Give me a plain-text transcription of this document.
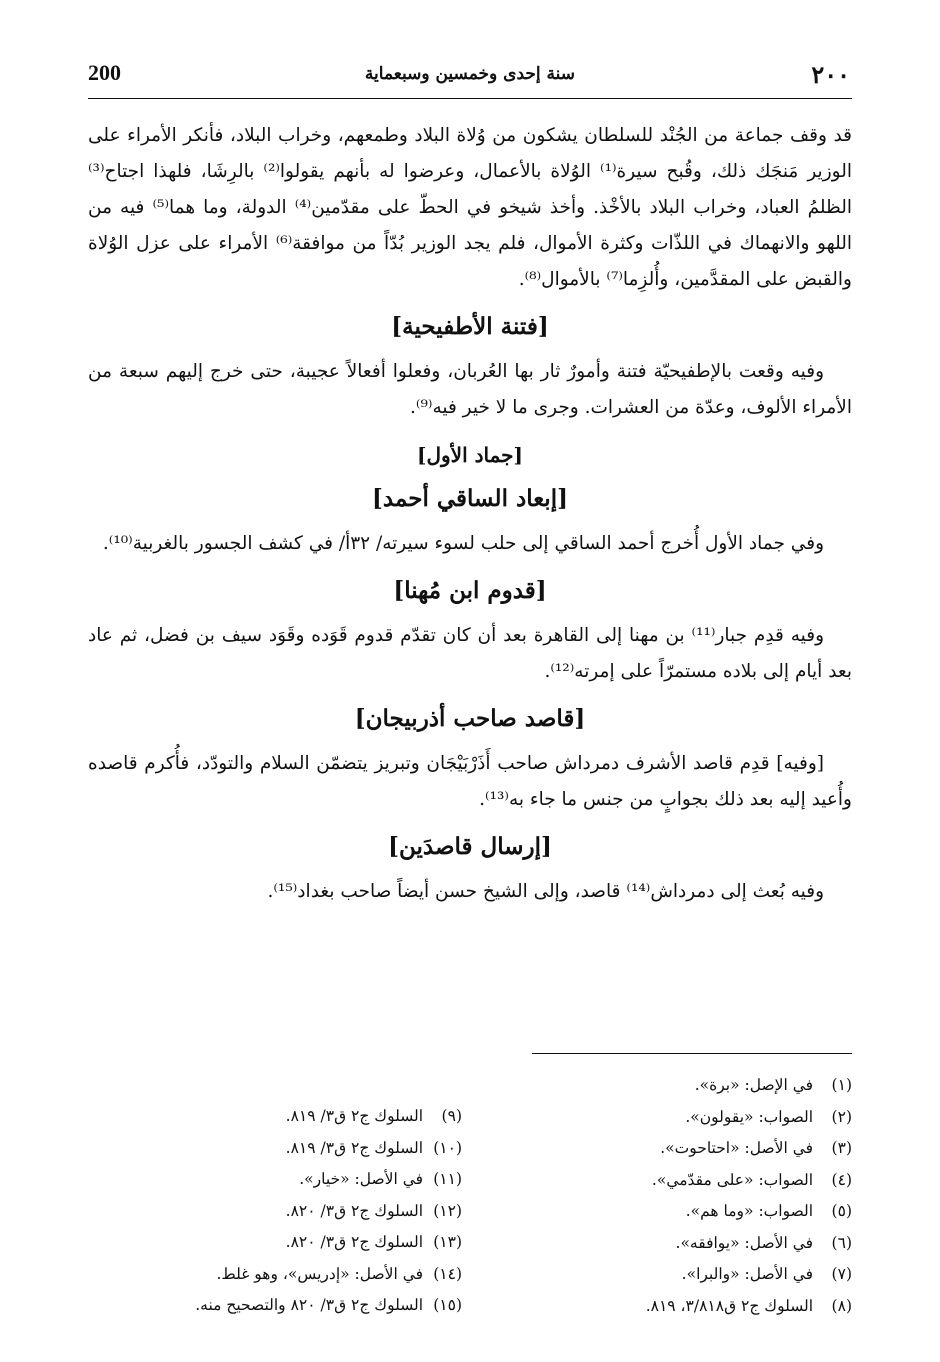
٢٠٠
سنة إحدى وخمسين وسبعماية
200

قد وقف جماعة من الجُنْد للسلطان يشكون من وُلاة البلاد وطمعهم، وخراب البلاد، فأنكر الأمراء على الوزير مَنجَك ذلك، وقُبح سيرة⁽¹⁾ الوُلاة بالأعمال، وعرضوا له بأنهم يقولوا⁽²⁾ بالرِشَا، فلهذا اجتاح⁽³⁾ الظلمُ العباد، وخراب البلاد بالأخْذ. وأخذ شيخو في الحطّ على مقدّمين⁽⁴⁾ الدولة، وما هما⁽⁵⁾ فيه من اللهو والانهماك في اللذّات وكثرة الأموال، فلم يجد الوزير بُدّاً من موافقة⁽⁶⁾ الأمراء على عزل الوُلاة والقبض على المقدَّمين، وأُلزِما⁽⁷⁾ بالأموال⁽⁸⁾.

[فتنة الأطفيحية]

وفيه وقعت بالإطفيحيّة فتنة وأمورٌ ثار بها العُربان، وفعلوا أفعالاً عجيبة، حتى خرج إليهم سبعة من الأمراء الألوف، وعدّة من العشرات. وجرى ما لا خير فيه⁽⁹⁾.

[جماد الأول]
[إبعاد الساقي أحمد]

وفي جماد الأول أُخرج أحمد الساقي إلى حلب لسوء سيرته/ ٣٢أ/ في كشف الجسور بالغربية⁽¹⁰⁾.

[قدوم ابن مُهنا]

وفيه قدِم جبار⁽¹¹⁾ بن مهنا إلى القاهرة بعد أن كان تقدّم قدوم قَوَده وقَوَد سيف بن فضل، ثم عاد بعد أيام إلى بلاده مستمرّاً على إمرته⁽¹²⁾.

[قاصد صاحب أذربيجان]

[وفيه] قدِم قاصد الأشرف دمرداش صاحب أَذَرْبَيْجَان وتبريز يتضمّن السلام والتودّد، فأُكرم قاصده وأُعيد إليه بعد ذلك بجوابٍ من جنس ما جاء به⁽¹³⁾.

[إرسال قاصدَين]

وفيه بُعث إلى دمرداش⁽¹⁴⁾ قاصد، وإلى الشيخ حسن أيضاً صاحب بغداد⁽¹⁵⁾.

(١) في الإصل: «برة».
(٢) الصواب: «يقولون».
(٣) في الأصل: «احتاحوت».
(٤) الصواب: «على مقدّمي».
(٥) الصواب: «وما هم».
(٦) في الأصل: «يوافقه».
(٧) في الأصل: «والبرا».
(٨) السلوك ج٢ ق٣/٨١٨، ٨١٩.
(٩) السلوك ج٢ ق٣/ ٨١٩.
(١٠) السلوك ج٢ ق٣/ ٨١٩.
(١١) في الأصل: «خيار».
(١٢) السلوك ج٢ ق٣/ ٨٢٠.
(١٣) السلوك ج٢ ق٣/ ٨٢٠.
(١٤) في الأصل: «إدريس»، وهو غلط.
(١٥) السلوك ج٢ ق٣/ ٨٢٠ والتصحيح منه.
